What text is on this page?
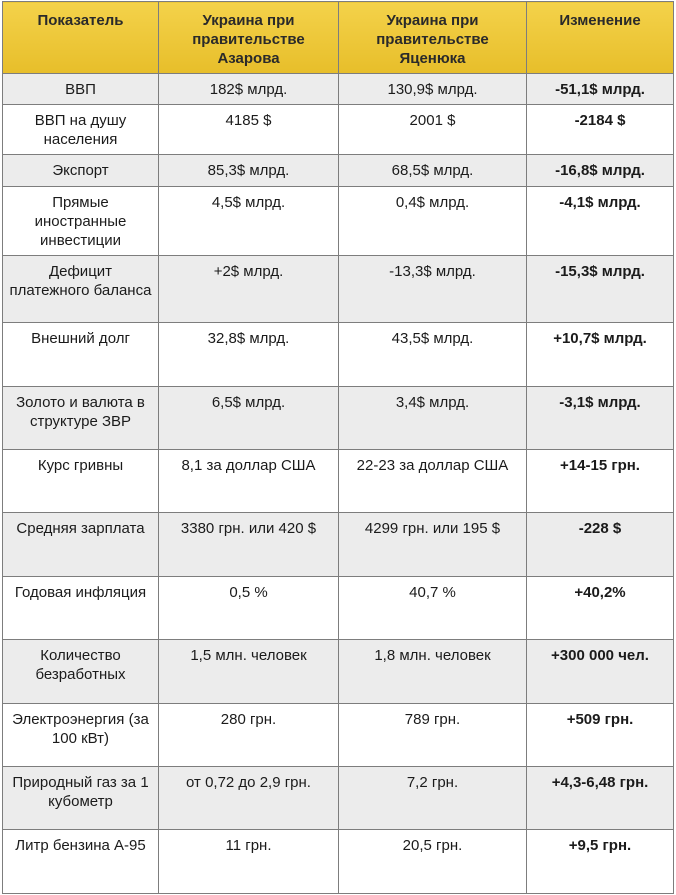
Показатель	Украина при правительстве Азарова	Украина при правительстве Яценюка	Изменение
ВВП	182$ млрд.	130,9$ млрд.	-51,1$ млрд.
ВВП на душу населения	4185 $	2001 $	-2184 $
Экспорт	85,3$ млрд.	68,5$ млрд.	-16,8$ млрд.
Прямые иностранные инвестиции	4,5$ млрд.	0,4$ млрд.	-4,1$ млрд.
Дефицит платежного баланса	+2$ млрд.	-13,3$ млрд.	-15,3$ млрд.
Внешний долг	32,8$ млрд.	43,5$ млрд.	+10,7$ млрд.
Золото и валюта в структуре ЗВР	6,5$ млрд.	3,4$ млрд.	-3,1$ млрд.
Курс гривны	8,1 за доллар США	22-23 за доллар США	+14-15 грн.
Средняя зарплата	3380 грн. или 420 $	4299 грн. или 195 $	-228 $
Годовая инфляция	0,5 %	40,7 %	+40,2%
Количество безработных	1,5 млн. человек	1,8 млн. человек	+300 000 чел.
Электроэнергия (за 100 кВт)	280 грн.	789 грн.	+509 грн.
Природный газ за 1 кубометр	от 0,72 до 2,9 грн.	7,2 грн.	+4,3-6,48 грн.
Литр бензина А-95	11 грн.	20,5 грн.	+9,5 грн.
